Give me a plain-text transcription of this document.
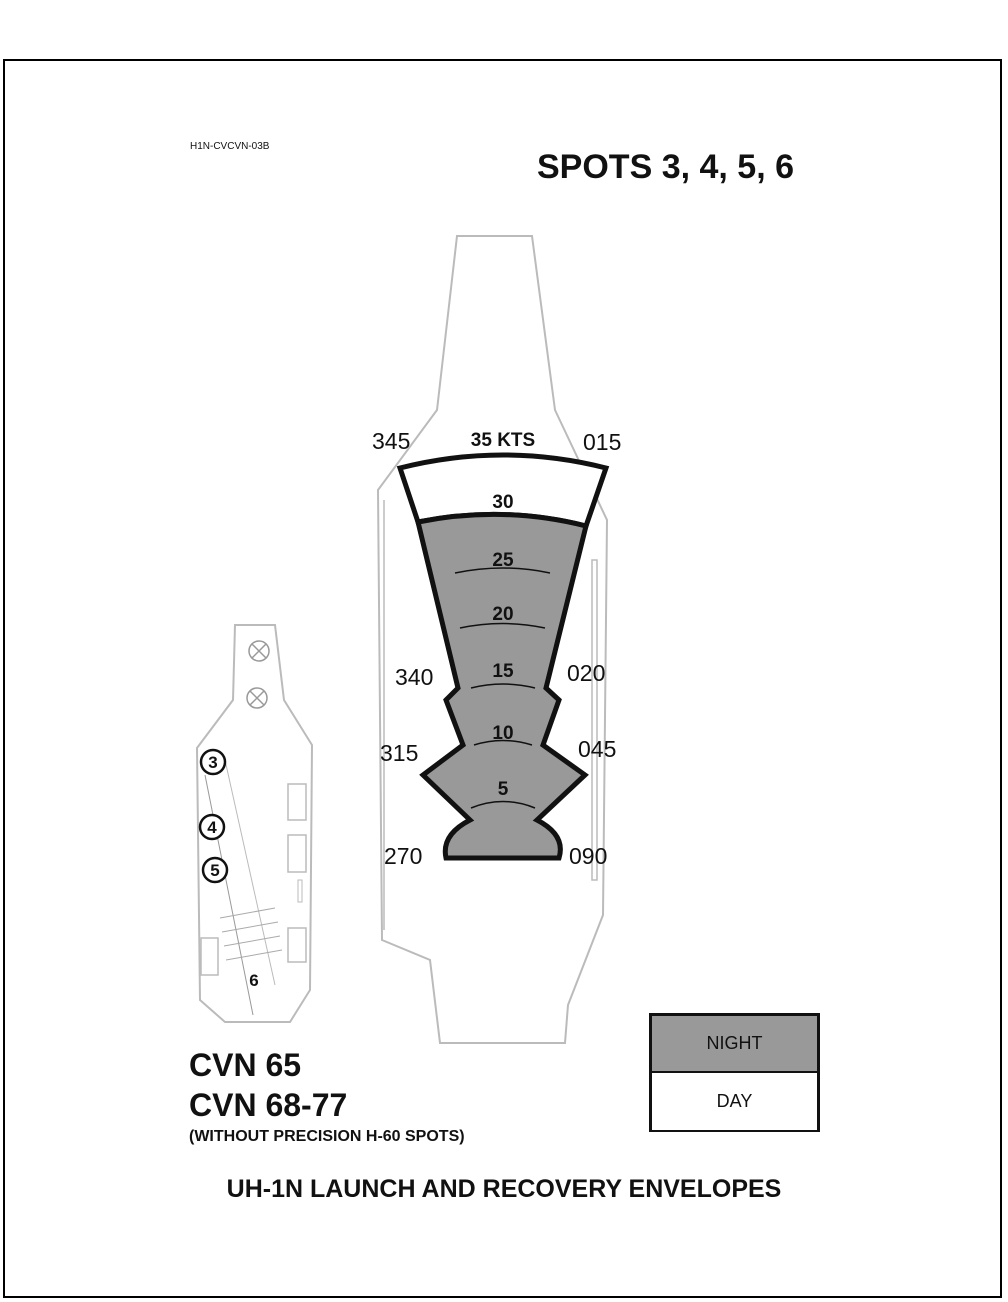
H1N-CVCVN-03B
SPOTS 3, 4, 5, 6
35 KTS
30
25
20
15
10
5
345	015
340	020
315	045
270	090
3
4
5
6
CVN 65
CVN 68-77
(WITHOUT PRECISION H-60 SPOTS)
NIGHT
DAY
UH-1N LAUNCH AND RECOVERY ENVELOPES
